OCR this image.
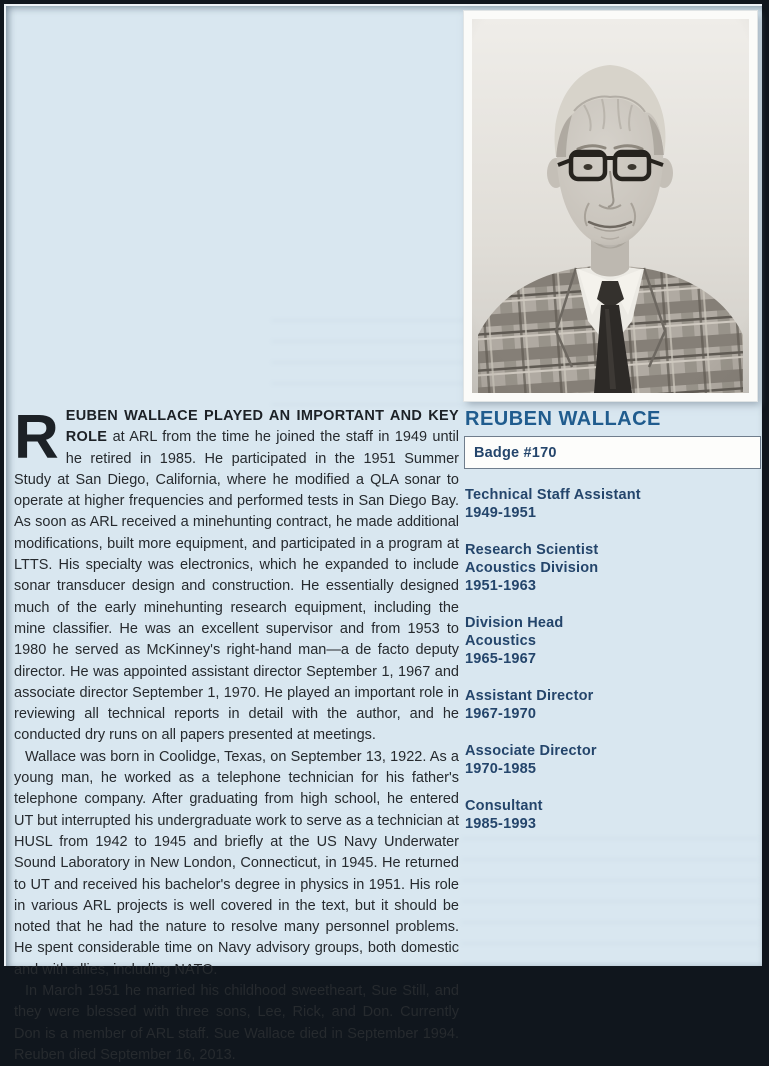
REUBEN WALLACE
Badge #170
Technical Staff Assistant
1949-1951
Research Scientist
Acoustics Division
1951-1963
Division Head
Acoustics
1965-1967
Assistant Director
1967-1970
Associate Director
1970-1985
Consultant
1985-1993

REUBEN WALLACE PLAYED AN IMPORTANT AND KEY ROLE at ARL from the time he joined the staff in 1949 until he retired in 1985. He participated in the 1951 Summer Study at San Diego, California, where he modified a QLA sonar to operate at higher frequencies and performed tests in San Diego Bay. As soon as ARL received a minehunting contract, he made additional modifications, built more equipment, and participated in a program at LTTS. His specialty was electronics, which he expanded to include sonar transducer design and construction. He essentially designed much of the early minehunting research equipment, including the mine classifier. He was an excellent supervisor and from 1953 to 1980 he served as McKinney's right-hand man—a de facto deputy director. He was appointed assistant director September 1, 1967 and associate director September 1, 1970. He played an important role in reviewing all technical reports in detail with the author, and he conducted dry runs on all papers presented at meetings.

Wallace was born in Coolidge, Texas, on September 13, 1922. As a young man, he worked as a telephone technician for his father's telephone company. After graduating from high school, he entered UT but interrupted his undergraduate work to serve as a technician at HUSL from 1942 to 1945 and briefly at the US Navy Underwater Sound Laboratory in New London, Connecticut, in 1945. He returned to UT and received his bachelor's degree in physics in 1951. His role in various ARL projects is well covered in the text, but it should be noted that he had the nature to resolve many personnel problems. He spent considerable time on Navy advisory groups, both domestic and with allies, including NATO.

In March 1951 he married his childhood sweetheart, Sue Still, and they were blessed with three sons, Lee, Rick, and Don. Currently Don is a member of ARL staff. Sue Wallace died in September 1994. Reuben died September 16, 2013.
